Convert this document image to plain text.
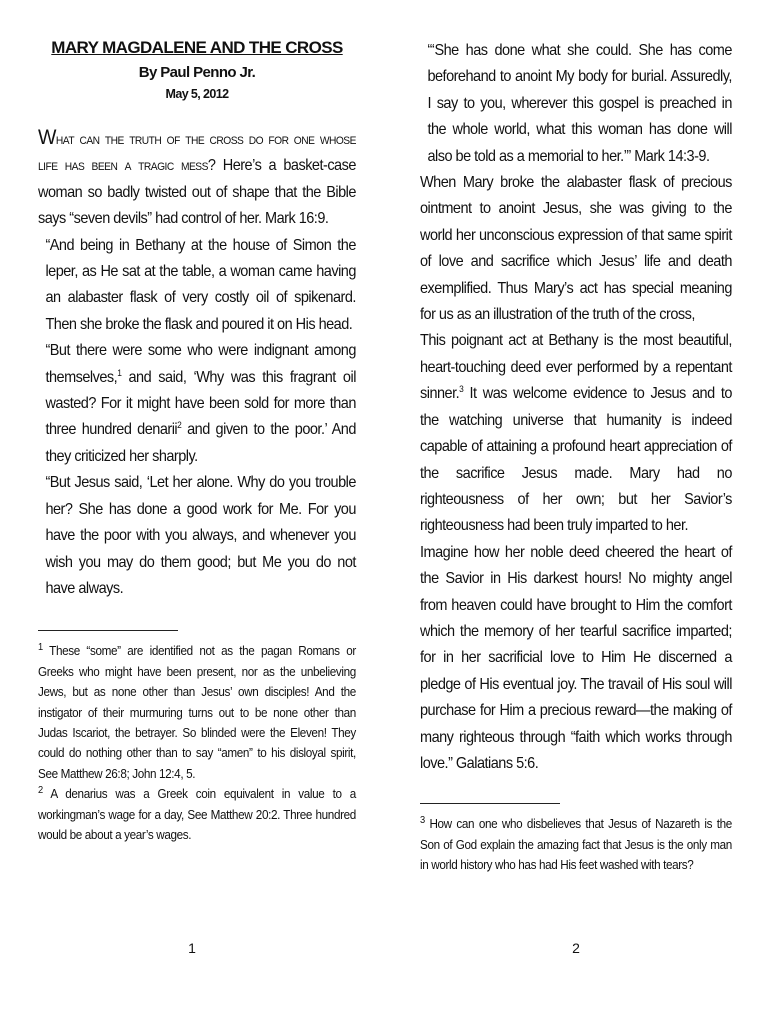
MARY MAGDALENE AND THE CROSS
By Paul Penno Jr.
May 5, 2012

What can the truth of the cross do for one whose life has been a tragic mess? Here’s a basket-case woman so badly twisted out of shape that the Bible says “seven devils” had control of her. Mark 16:9.

“And being in Bethany at the house of Simon the leper, as He sat at the table, a woman came having an alabaster flask of very costly oil of spikenard. Then she broke the flask and poured it on His head.

“But there were some who were indignant among themselves,$^1$ and said, ‘Why was this fragrant oil wasted? For it might have been sold for more than three hundred denarii$^2$ and given to the poor.’ And they criticized her sharply.

“But Jesus said, ‘Let her alone. Why do you trouble her? She has done a good work for Me. For you have the poor with you always, and whenever you wish you may do them good; but Me you do not have always.

$^1$ These “some” are identified not as the pagan Romans or Greeks who might have been present, nor as the unbelieving Jews, but as none other than Jesus’ own disciples! And the instigator of their murmuring turns out to be none other than Judas Iscariot, the betrayer. So blinded were the Eleven! They could do nothing other than to say “amen” to his disloyal spirit, See Matthew 26:8; John 12:4, 5.

$^2$ A denarius was a Greek coin equivalent in value to a workingman’s wage for a day, See Matthew 20:2. Three hundred would be about a year’s wages.

1

“‘She has done what she could. She has come beforehand to anoint My body for burial. Assuredly, I say to you, wherever this gospel is preached in the whole world, what this woman has done will also be told as a memorial to her.’” Mark 14:3-9.

When Mary broke the alabaster flask of precious ointment to anoint Jesus, she was giving to the world her unconscious expression of that same spirit of love and sacrifice which Jesus’ life and death exemplified. Thus Mary’s act has special meaning for us as an illustration of the truth of the cross,

This poignant act at Bethany is the most beautiful, heart-touching deed ever performed by a repentant sinner.$^3$ It was welcome evidence to Jesus and to the watching universe that humanity is indeed capable of attaining a profound heart appreciation of the sacrifice Jesus made. Mary had no righteousness of her own; but her Savior’s righteousness had been truly imparted to her.

Imagine how her noble deed cheered the heart of the Savior in His darkest hours! No mighty angel from heaven could have brought to Him the comfort which the memory of her tearful sacrifice imparted; for in her sacrificial love to Him He discerned a pledge of His eventual joy. The travail of His soul will purchase for Him a precious reward—the making of many righteous through “faith which works through love.” Galatians 5:6.

$^3$ How can one who disbelieves that Jesus of Nazareth is the Son of God explain the amazing fact that Jesus is the only man in world history who has had His feet washed with tears?

2
